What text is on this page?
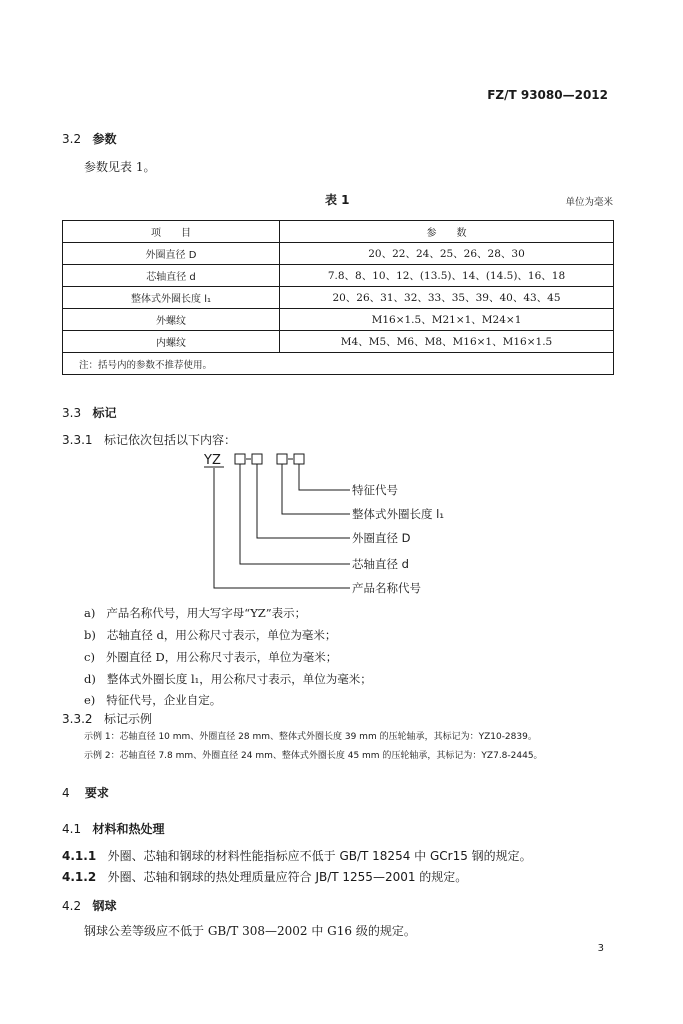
FZ/T 93080—2012
3.2 参数
参数见表 1。
表 1	单位为毫米
项　　目	参　　数
外圈直径 D	20、22、24、25、26、28、30
芯轴直径 d	7.8、8、10、12、(13.5)、14、(14.5)、16、18
整体式外圈长度 l₁	20、26、31、32、33、35、39、40、43、45
外螺纹	M16×1.5、M21×1、M24×1
内螺纹	M4、M5、M6、M8、M16×1、M16×1.5
注：括号内的参数不推荐使用。	
3.3 标记
3.3.1 标记依次包括以下内容：
YZ
特征代号
整体式外圈长度 l₁
外圈直径 D
芯轴直径 d
产品名称代号
a) 产品名称代号，用大写字母“YZ”表示；
b) 芯轴直径 d，用公称尺寸表示，单位为毫米；
c) 外圈直径 D，用公称尺寸表示，单位为毫米；
d) 整体式外圈长度 l₁，用公称尺寸表示，单位为毫米；
e) 特征代号，企业自定。
3.3.2 标记示例
示例 1：芯轴直径 10 mm、外圈直径 28 mm、整体式外圈长度 39 mm 的压轮轴承，其标记为：YZ10-2839。
示例 2：芯轴直径 7.8 mm、外圈直径 24 mm、整体式外圈长度 45 mm 的压轮轴承，其标记为：YZ7.8-2445。
4 要求
4.1 材料和热处理
4.1.1 外圈、芯轴和钢球的材料性能指标应不低于 GB/T 18254 中 GCr15 钢的规定。
4.1.2 外圈、芯轴和钢球的热处理质量应符合 JB/T 1255—2001 的规定。
4.2 钢球
钢球公差等级应不低于 GB/T 308—2002 中 G16 级的规定。
3
